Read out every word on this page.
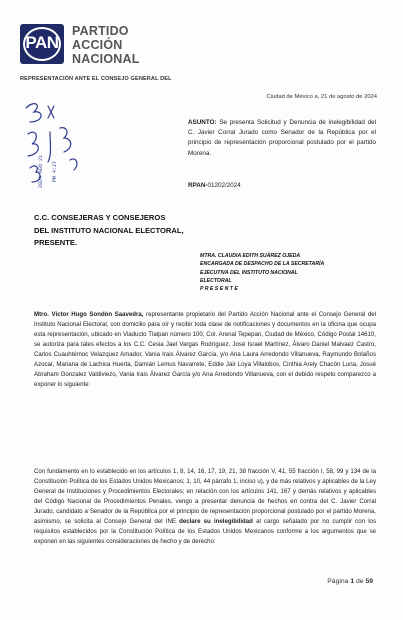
PAN
PARTIDO
ACCIÓN
NACIONAL
REPRESENTACIÓN ANTE EL CONSEJO GENERAL DEL
2024 AGO 21 PM 4:27
Ciudad de México a, 21 de agosto de 2024
ASUNTO: Se presenta Solicitud y Denuncia de inelegibilidad del C. Javier Corral Jurado como Senador de la República por el principio de representación proporcional postulado por el partido Morena.
RPAN-01202/2024
C.C. CONSEJERAS Y CONSEJEROS
DEL INSTITUTO NACIONAL ELECTORAL,
PRESENTE.
MTRA. CLAUDIA EDITH SUÁREZ OJEDA
ENCARGADA DE DESPACHO DE LA SECRETARÍA
EJECUTIVA DEL INSTITUTO NACIONAL
ELECTORAL
P R E S E N T E
Mtro. Víctor Hugo Sondón Saavedra, representante propietario del Partido Acción Nacional ante el Consejo General del Instituto Nacional Electoral, con domicilio para oír y recibir toda clase de notificaciones y documentos en la oficina que ocupa esta representación, ubicado en Viaducto Tlalpan número 100, Col. Arenal Tepepan, Ciudad de México, Código Postal 14610, se autoriza para tales efectos a los C.C. Cesia Jael Vargas Rodríguez, José Israel Martínez, Álvaro Daniel Malvaez Castro, Carlos Cuauhtémoc Velazquez Amador, Vania Irais Álvarez García, y/o Ana Laura Arredondo Villanueva, Raymundo Bolaños Azocar, Mariana de Lachica Huerta, Damián Lemus Navarrete, Eddie Jair Loya Villalobos, Cinthia Arely Chacón Luna, Josué Abraham Gonzalez Valdiviezo, Vania Irais Álvarez García y/o Ana Arredondo Villanueva, con el debido respeto comparezco a exponer lo siguiente:
Con fundamento en lo establecido en los artículos 1, 8, 14, 16, 17, 19, 21, 38 fracción V, 41, 55 fracción I, 58, 99 y 134 de la Constitución Política de los Estados Unidos Mexicanos; 1, 10, 44 párrafo 1, inciso u), y de más relativos y aplicables de la Ley General de Instituciones y Procedimientos Electorales; en relación con los artículos 141, 167 y demás relativos y aplicables del Código Nacional de Procedimientos Penales, vengo a presentar denuncia de hechos en contra del C. Javier Corral Jurado, candidato a Senador de la República por el principio de representación proporcional postulado por el partido Morena, asimismo, se solicita al Consejo General del INE declare su inelegibilidad al cargo señalado por no cumplir con los requisitos establecidos por la Constitución Política de los Estados Unidos Mexicanos conforme a los argumentos que se exponen en las siguientes consideraciones de hecho y de derecho:
Página 1 de 59
